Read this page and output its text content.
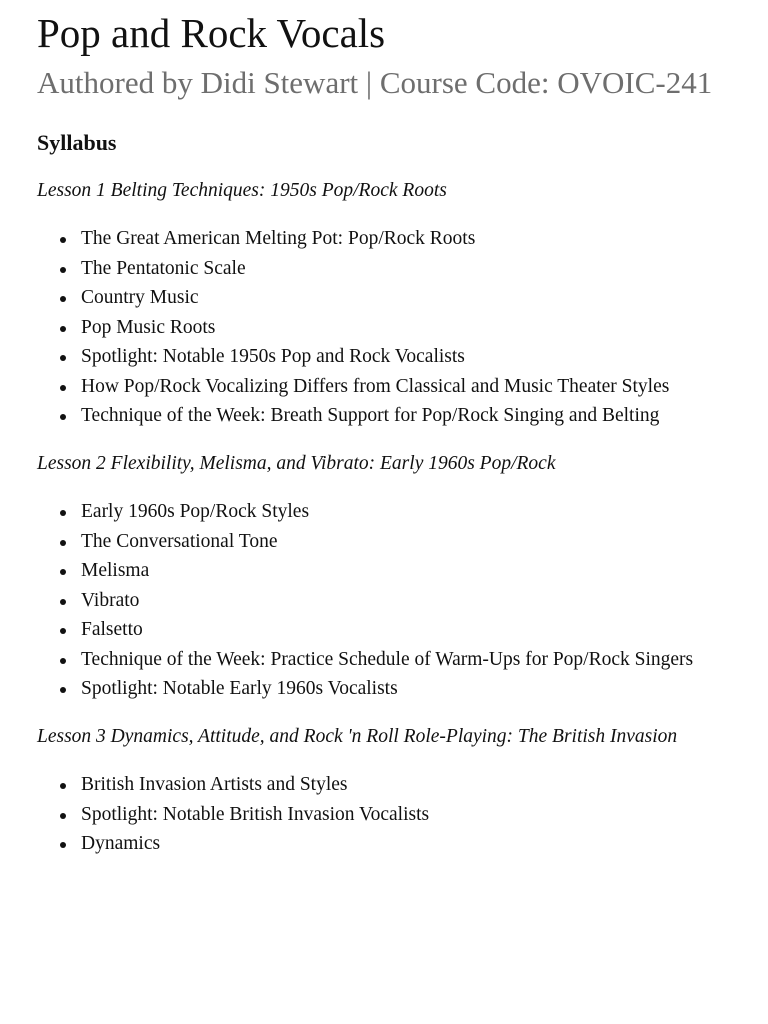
Pop and Rock Vocals
Authored by Didi Stewart | Course Code: OVOIC-241
Syllabus
Lesson 1 Belting Techniques: 1950s Pop/Rock Roots
The Great American Melting Pot: Pop/Rock Roots
The Pentatonic Scale
Country Music
Pop Music Roots
Spotlight: Notable 1950s Pop and Rock Vocalists
How Pop/Rock Vocalizing Differs from Classical and Music Theater Styles
Technique of the Week: Breath Support for Pop/Rock Singing and Belting
Lesson 2 Flexibility, Melisma, and Vibrato: Early 1960s Pop/Rock
Early 1960s Pop/Rock Styles
The Conversational Tone
Melisma
Vibrato
Falsetto
Technique of the Week: Practice Schedule of Warm-Ups for Pop/Rock Singers
Spotlight: Notable Early 1960s Vocalists
Lesson 3 Dynamics, Attitude, and Rock 'n Roll Role-Playing: The British Invasion
British Invasion Artists and Styles
Spotlight: Notable British Invasion Vocalists
Dynamics
